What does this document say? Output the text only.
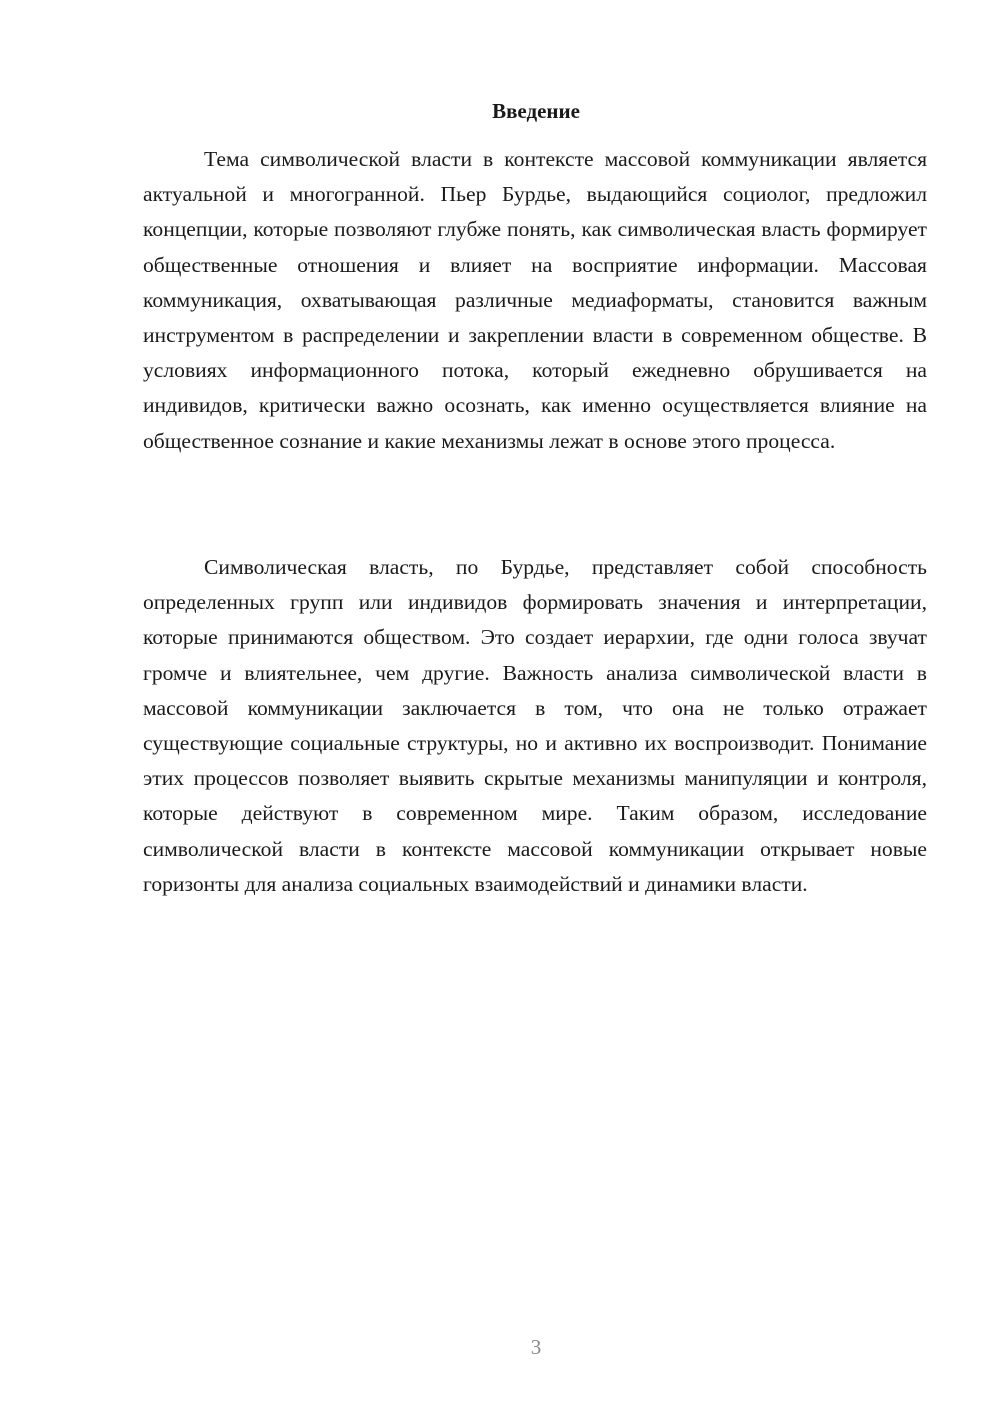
Введение

Тема символической власти в контексте массовой коммуникации является актуальной и многогранной. Пьер Бурдье, выдающийся социолог, предложил концепции, которые позволяют глубже понять, как символическая власть формирует общественные отношения и влияет на восприятие информации. Массовая коммуникация, охватывающая различные медиаформаты, становится важным инструментом в распределении и закреплении власти в современном обществе. В условиях информационного потока, который ежедневно обрушивается на индивидов, критически важно осознать, как именно осуществляется влияние на общественное сознание и какие механизмы лежат в основе этого процесса.

Символическая власть, по Бурдье, представляет собой способность определенных групп или индивидов формировать значения и интерпретации, которые принимаются обществом. Это создает иерархии, где одни голоса звучат громче и влиятельнее, чем другие. Важность анализа символической власти в массовой коммуникации заключается в том, что она не только отражает существующие социальные структуры, но и активно их воспроизводит. Понимание этих процессов позволяет выявить скрытые механизмы манипуляции и контроля, которые действуют в современном мире. Таким образом, исследование символической власти в контексте массовой коммуникации открывает новые горизонты для анализа социальных взаимодействий и динамики власти.

3
